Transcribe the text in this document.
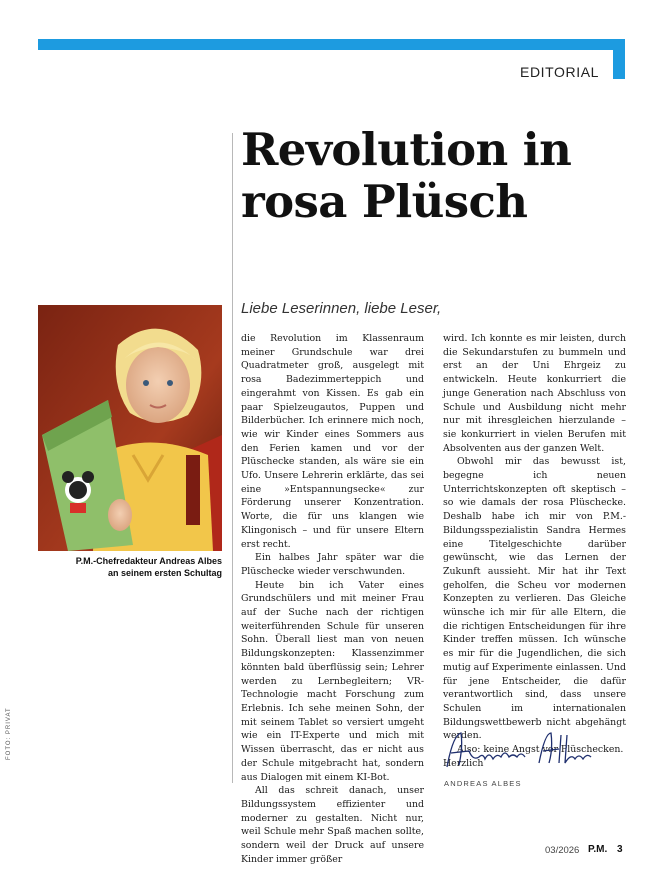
EDITORIAL
Revolution in
rosa Plüsch
Liebe Leserinnen, liebe Leser,
P.M.-Chefredakteur Andreas Albes
an seinem ersten Schultag
FOTO: PRIVAT

die Revolution im Klassenraum meiner Grundschule war drei Quadratmeter groß, ausgelegt mit rosa Badezimmerteppich und eingerahmt von Kissen. Es gab ein paar Spielzeugautos, Puppen und Bilderbücher. Ich erinnere mich noch, wie wir Kinder eines Sommers aus den Ferien kamen und vor der Plüschecke standen, als wäre sie ein Ufo. Unsere Lehrerin erklärte, das sei eine »Entspannungsecke« zur Förderung unserer Konzentration. Worte, die für uns klangen wie Klingonisch – und für unsere Eltern erst recht.

Ein halbes Jahr später war die Plüschecke wieder verschwunden.

Heute bin ich Vater eines Grundschülers und mit meiner Frau auf der Suche nach der richtigen weiterführenden Schule für unseren Sohn. Überall liest man von neuen Bildungskonzepten: Klassenzimmer könnten bald überflüssig sein; Lehrer werden zu Lernbegleitern; VR-Technologie macht Forschung zum Erlebnis. Ich sehe meinen Sohn, der mit seinem Tablet so versiert umgeht wie ein IT-Experte und mich mit Wissen überrascht, das er nicht aus der Schule mitgebracht hat, sondern aus Dialogen mit einem KI-Bot.

All das schreit danach, unser Bildungssystem effizienter und moderner zu gestalten. Nicht nur, weil Schule mehr Spaß machen sollte, sondern weil der Druck auf unsere Kinder immer größer

wird. Ich konnte es mir leisten, durch die Sekundarstufen zu bummeln und erst an der Uni Ehrgeiz zu entwickeln. Heute konkurriert die junge Generation nach Abschluss von Schule und Ausbildung nicht mehr nur mit ihresgleichen hierzulande – sie konkurriert in vielen Berufen mit Absolventen aus der ganzen Welt.

Obwohl mir das bewusst ist, begegne ich neuen Unterrichtskonzepten oft skeptisch – so wie damals der rosa Plüschecke. Deshalb habe ich mir von P.M.-Bildungsspezialistin Sandra Hermes eine Titelgeschichte darüber gewünscht, wie das Lernen der Zukunft aussieht. Mir hat ihr Text geholfen, die Scheu vor modernen Konzepten zu verlieren. Das Gleiche wünsche ich mir für alle Eltern, die die richtigen Entscheidungen für ihre Kinder treffen müssen. Ich wünsche es mir für die Jugendlichen, die sich mutig auf Experimente einlassen. Und für jene Entscheider, die dafür verantwortlich sind, dass unsere Schulen im internationalen Bildungswettbewerb nicht abgehängt werden.

Also: keine Angst vor Plüschecken.

Herzlich

ANDREAS ALBES
03/2026 P.M. 3
